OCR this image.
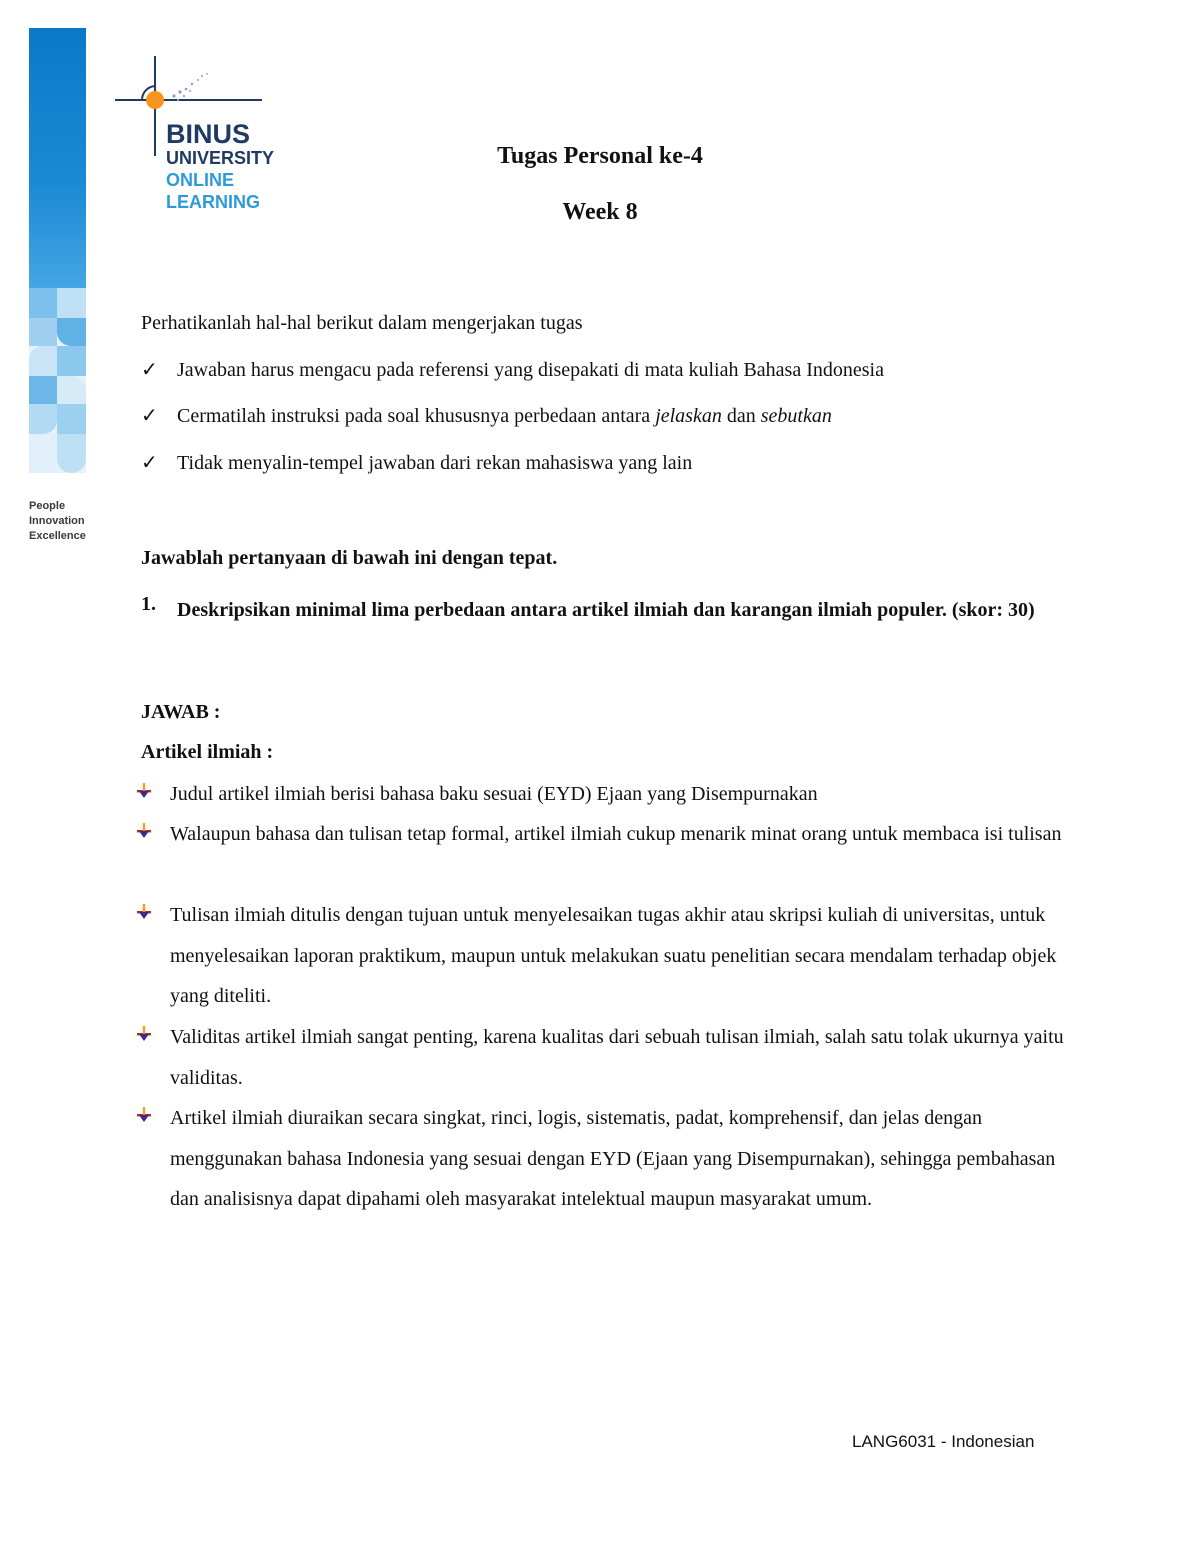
People
Innovation
Excellence
BINUS
UNIVERSITY
ONLINE
LEARNING
Tugas Personal ke-4
Week 8
Perhatikanlah hal-hal berikut dalam mengerjakan tugas
✓ Jawaban harus mengacu pada referensi yang disepakati di mata kuliah Bahasa Indonesia
✓ Cermatilah instruksi pada soal khususnya perbedaan antara jelaskan dan sebutkan
✓ Tidak menyalin-tempel jawaban dari rekan mahasiswa yang lain
Jawablah pertanyaan di bawah ini dengan tepat.
1. Deskripsikan minimal lima perbedaan antara artikel ilmiah dan karangan ilmiah populer. (skor: 30)
JAWAB :
Artikel ilmiah :
Judul artikel ilmiah berisi bahasa baku sesuai (EYD) Ejaan yang Disempurnakan
Walaupun bahasa dan tulisan tetap formal, artikel ilmiah cukup menarik minat orang untuk membaca isi tulisan
Tulisan ilmiah ditulis dengan tujuan untuk menyelesaikan tugas akhir atau skripsi kuliah di universitas, untuk menyelesaikan laporan praktikum, maupun untuk melakukan suatu penelitian secara mendalam terhadap objek yang diteliti.
Validitas artikel ilmiah sangat penting, karena kualitas dari sebuah tulisan ilmiah, salah satu tolak ukurnya yaitu validitas.
Artikel ilmiah diuraikan secara singkat, rinci, logis, sistematis, padat, komprehensif, dan jelas dengan menggunakan bahasa Indonesia yang sesuai dengan EYD (Ejaan yang Disempurnakan), sehingga pembahasan dan analisisnya dapat dipahami oleh masyarakat intelektual maupun masyarakat umum.
LANG6031 - Indonesian
